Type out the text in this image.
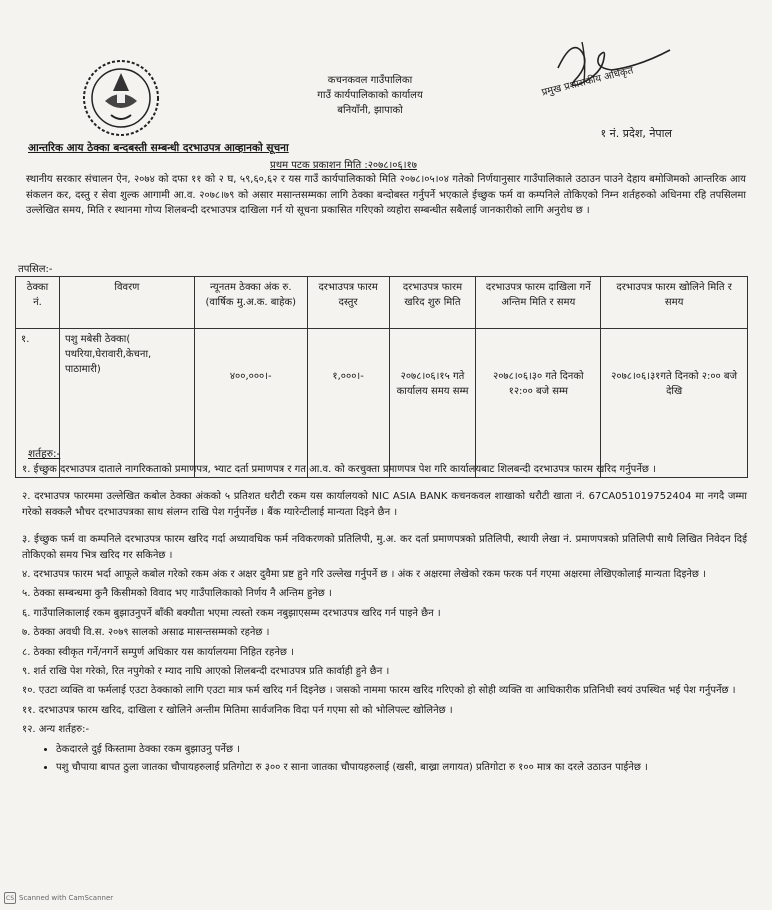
कचनकवल गाउँपालिका
गाउँ कार्यपालिकाको कार्यालय
बनियाँनी, झापाको
प्रमुख प्रशासकीय अधिकृत
१ नं. प्रदेश, नेपाल
आन्तरिक आय ठेक्का बन्दबस्ती सम्बन्धी दरभाउपत्र आव्हानको सूचना
प्रथम पटक प्रकाशन मिति :२०७८।०६।१७
स्थानीय सरकार संचालन ऐन, २०७४ को दफा ११ को २ घ, ५९,६०,६२ र यस गाउँ कार्यपालिकाको मिति २०७८।०५।०४ गतेको निर्णयानुसार गाउँपालिकाले उठाउन पाउने देहाय बमोजिमको आन्तरिक आय संकलन कर, दस्तु र सेवा शुल्क आगामी आ.व. २०७८।७९ को असार मसान्तसम्मका लागि ठेक्का बन्दोबस्त गर्नुपर्ने भएकाले ईच्छुक फर्म वा कम्पनिले तोकिएको निम्न शर्तहरुको अधिनमा रहि तपसिलमा उल्लेखित समय, मिति र स्थानमा गोप्य शिलबन्दी दरभाउपत्र दाखिला गर्न यो सूचना प्रकासित गरिएको व्यहोरा सम्बन्धीत सबैलाई जानकारीको लागि अनुरोध छ ।
तपसिल:-
ठेक्का नं.	विवरण	न्यूनतम ठेक्का अंक रु. (वार्षिक मु.अ.क. बाहेक)	दरभाउपत्र फारम दस्तुर	दरभाउपत्र फारम खरिद शुरु मिति	दरभाउपत्र फारम दाखिला गर्ने अन्तिम मिति र समय	दरभाउपत्र फारम खोलिने मिति र समय
१.	पशु मबेसी ठेक्का( पथरिया,घेरावारी,केचना, पाठामारी)	४००,०००।-	१,०००।-	२०७८।०६।१५ गते कार्यालय समय सम्म	२०७८।०६।३० गते दिनको १२:०० बजे सम्म	२०७८।०६।३१गते दिनको २:०० बजे देखि
शर्तहरु:-

१. ईच्छुक दरभाउपत्र दाताले नागरिकताको प्रमाणपत्र, भ्याट दर्ता प्रमाणपत्र र गत आ.व. को करचुक्ता प्रमाणपत्र पेश गरि कार्यालयबाट शिलबन्दी दरभाउपत्र फारम खरिद गर्नुपर्नेछ ।

२. दरभाउपत्र फारममा उल्लेखित कबोल ठेक्का अंकको ५ प्रतिशत धरौटी रकम यस कार्यालयको NIC ASIA BANK कचनकवल शाखाको धरौटी खाता नं. 67CA051019752404 मा नगदै जम्मा गरेको सक्कलै भौचर दरभाउपत्रका साथ संलग्न राखि पेश गर्नुपर्नेछ । बैंक ग्यारेन्टीलाई मान्यता दिइने छैन ।

३. ईच्छुक फर्म वा कम्पनिले दरभाउपत्र फारम खरिद गर्दा अध्यावधिक फर्म नविकरणको प्रतिलिपी, मु.अ. कर दर्ता प्रमाणपत्रको प्रतिलिपी, स्थायी लेखा नं. प्रमाणपत्रको प्रतिलिपी साथै लिखित निवेदन दिई तोकिएको समय भित्र खरिद गर सकिनेछ ।

४. दरभाउपत्र फारम भर्दा आफूले कबोल गरेको रकम अंक र अक्षर दुवैमा प्रष्ट हुने गरि उल्लेख गर्नुपर्ने छ । अंक र अक्षरमा लेखेको रकम फरक पर्न गएमा अक्षरमा लेखिएकोलाई मान्यता दिइनेछ ।

५. ठेक्का सम्बन्धमा कुनै किसीमको विवाद भए गाउँपालिकाको निर्णय नै अन्तिम हुनेछ ।

६. गाउँपालिकालाई रकम बुझाउनुपर्ने बाँकी बक्यौता भएमा त्यस्तो रकम नबुझाएसम्म दरभाउपत्र खरिद गर्न पाइने छैन ।

७. ठेक्का अवधी वि.स. २०७९ सालको असाढ मासन्तसम्मको रहनेछ ।

८. ठेक्का स्वीकृत गर्ने/नगर्ने सम्पुर्ण अधिकार यस कार्यालयमा निहित रहनेछ ।

९. शर्त राखि पेश गरेको, रित नपुगेको र म्याद नाघि आएको शिलबन्दी दरभाउपत्र प्रति कार्वाही हुने छैन ।

१०. एउटा व्यक्ति वा फर्मलाई एउटा ठेक्काको लागि एउटा मात्र फर्म खरिद गर्न दिइनेछ । जसको नाममा फारम खरिद गरिएको हो सोही व्यक्ति वा आधिकारीक प्रतिनिधी स्वयं उपस्थित भई पेश गर्नुपर्नेछ ।

११. दरभाउपत्र फारम खरिद, दाखिला र खोलिने अन्तीम मितिमा सार्वजनिक विदा पर्न गएमा सो को भोलिपल्ट खोलिनेछ ।

१२. अन्य शर्तहरु:-

• ठेकदारले दुई किस्तामा ठेक्का रकम बुझाउनु पर्नेछ ।
• पशु चौपाया बापत ठुला जातका चौपायहरुलाई प्रतिगोटा रु ३०० र साना जातका चौपायहरुलाई (खसी, बाख्रा लगायत) प्रतिगोटा रु १०० मात्र का दरले उठाउन पाईनेछ ।
CS Scanned with CamScanner
